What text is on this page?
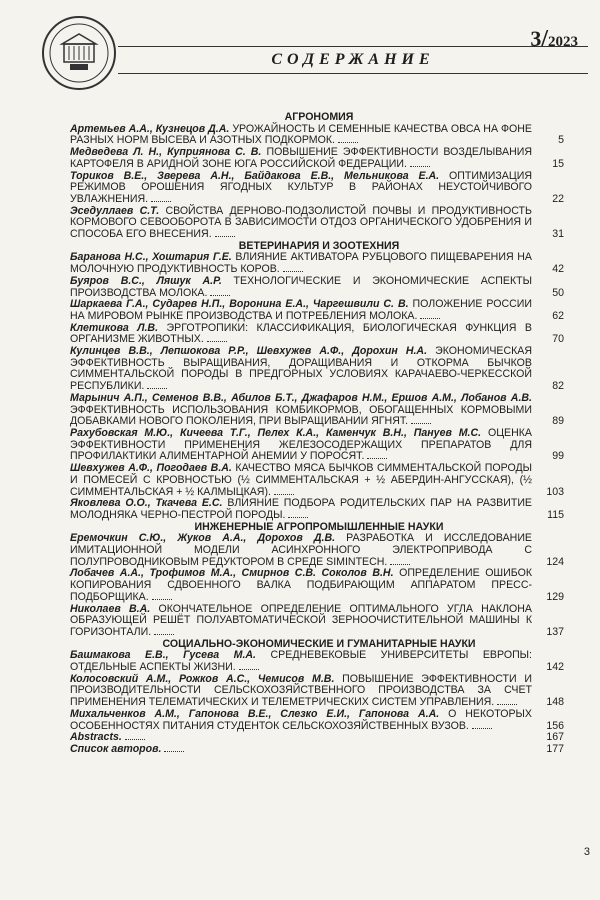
3/2023
СОДЕРЖАНИЕ
АГРОНОМИЯ
Артемьев А.А., Кузнецов Д.А. УРОЖАЙНОСТЬ И СЕМЕННЫЕ КАЧЕСТВА ОВСА НА ФОНЕ РАЗНЫХ НОРМ ВЫСЕВА И АЗОТНЫХ ПОДКОРМОК.	5
Медведева Л. Н., Куприянова С. В. ПОВЫШЕНИЕ ЭФФЕКТИВНОСТИ ВОЗДЕЛЫВАНИЯ КАРТОФЕЛЯ В АРИДНОЙ ЗОНЕ ЮГА РОССИЙСКОЙ ФЕДЕРАЦИИ.	15
Ториков В.Е., Зверева А.Н., Байдакова Е.В., Мельникова Е.А. ОПТИМИЗАЦИЯ РЕЖИМОВ ОРОШЕНИЯ ЯГОДНЫХ КУЛЬТУР В РАЙОНАХ НЕУСТОЙЧИВОГО УВЛАЖНЕНИЯ.	22
Эседуллаев С.Т. СВОЙСТВА ДЕРНОВО-ПОДЗОЛИСТОЙ ПОЧВЫ И ПРОДУКТИВНОСТЬ КОРМОВОГО СЕВООБОРОТА В ЗАВИСИМОСТИ ОТДОЗ ОРГАНИЧЕСКОГО УДОБРЕНИЯ И СПОСОБА ЕГО ВНЕСЕНИЯ.	31
ВЕТЕРИНАРИЯ И ЗООТЕХНИЯ
Баранова Н.С., Хоштария Г.Е. ВЛИЯНИЕ АКТИВАТОРА РУБЦОВОГО ПИЩЕВАРЕНИЯ НА МОЛОЧНУЮ ПРОДУКТИВНОСТЬ КОРОВ.	42
Буяров В.С., Ляшук А.Р. ТЕХНОЛОГИЧЕСКИЕ И ЭКОНОМИЧЕСКИЕ АСПЕКТЫ ПРОИЗВОДСТВА МОЛОКА.	50
Шаркаева Г.А., Сударев Н.П., Воронина Е.А., Чаргешвили С. В. ПОЛОЖЕНИЕ РОССИИ НА МИРОВОМ РЫНКЕ ПРОИЗВОДСТВА И ПОТРЕБЛЕНИЯ МОЛОКА.	62
Клетикова Л.В. ЭРГОТРОПИКИ: КЛАССИФИКАЦИЯ, БИОЛОГИЧЕСКАЯ ФУНКЦИЯ В ОРГАНИЗМЕ ЖИВОТНЫХ.	70
Кулинцев В.В., Лепшокова Р.Р., Шевхужев А.Ф., Дорохин Н.А. ЭКОНОМИЧЕСКАЯ ЭФФЕКТИВНОСТЬ ВЫРАЩИВАНИЯ, ДОРАЩИВАНИЯ И ОТКОРМА БЫЧКОВ СИММЕНТАЛЬСКОЙ ПОРОДЫ В ПРЕДГОРНЫХ УСЛОВИЯХ КАРАЧАЕВО-ЧЕРКЕССКОЙ РЕСПУБЛИКИ.	82
Марынич А.П., Семенов В.В., Абилов Б.Т., Джафаров Н.М., Ершов А.М., Лобанов А.В. ЭФФЕКТИВНОСТЬ ИСПОЛЬЗОВАНИЯ КОМБИКОРМОВ, ОБОГАЩЕННЫХ КОРМОВЫМИ ДОБАВКАМИ НОВОГО ПОКОЛЕНИЯ, ПРИ ВЫРАЩИВАНИИ ЯГНЯТ.	89
Рахубовская М.Ю., Кичеева Т.Г., Пелех К.А., Каменчук В.Н., Пануев М.С. ОЦЕНКА ЭФФЕКТИВНОСТИ ПРИМЕНЕНИЯ ЖЕЛЕЗОСОДЕРЖАЩИХ ПРЕПАРАТОВ ДЛЯ ПРОФИЛАКТИКИ АЛИМЕНТАРНОЙ АНЕМИИ У ПОРОСЯТ.	99
Шевхужев А.Ф., Погодаев В.А. КАЧЕСТВО МЯСА БЫЧКОВ СИММЕНТАЛЬСКОЙ ПОРОДЫ И ПОМЕСЕЙ С КРОВНОСТЬЮ (½ СИММЕНТАЛЬСКАЯ + ½ АБЕРДИН-АНГУССКАЯ), (½ СИММЕНТАЛЬСКАЯ + ½ КАЛМЫЦКАЯ).	103
Яковлева О.О., Ткачева Е.С. ВЛИЯНИЕ ПОДБОРА РОДИТЕЛЬСКИХ ПАР НА РАЗВИТИЕ МОЛОДНЯКА ЧЕРНО-ПЕСТРОЙ ПОРОДЫ.	115
ИНЖЕНЕРНЫЕ АГРОПРОМЫШЛЕННЫЕ НАУКИ
Еремочкин С.Ю., Жуков А.А., Дорохов Д.В. РАЗРАБОТКА И ИССЛЕДОВАНИЕ ИМИТАЦИОННОЙ МОДЕЛИ АСИНХРОННОГО ЭЛЕКТРОПРИВОДА С ПОЛУПРОВОДНИКОВЫМ РЕДУКТОРОМ В СРЕДЕ SIMINTECH.	124
Лобачев А.А., Трофимов М.А., Смирнов С.В. Соколов В.Н. ОПРЕДЕЛЕНИЕ ОШИБОК КОПИРОВАНИЯ СДВОЕННОГО ВАЛКА ПОДБИРАЮЩИМ АППАРАТОМ ПРЕСС-ПОДБОРЩИКА.	129
Николаев В.А. ОКОНЧАТЕЛЬНОЕ ОПРЕДЕЛЕНИЕ ОПТИМАЛЬНОГО УГЛА НАКЛОНА ОБРАЗУЮЩЕЙ РЕШЁТ ПОЛУАВТОМАТИЧЕСКОЙ ЗЕРНООЧИСТИТЕЛЬНОЙ МАШИНЫ К ГОРИЗОНТАЛИ.	137
СОЦИАЛЬНО-ЭКОНОМИЧЕСКИЕ И ГУМАНИТАРНЫЕ НАУКИ
Башмакова Е.В., Гусева М.А. СРЕДНЕВЕКОВЫЕ УНИВЕРСИТЕТЫ ЕВРОПЫ: ОТДЕЛЬНЫЕ АСПЕКТЫ ЖИЗНИ.	142
Колосовский А.М., Рожков А.С., Чемисов М.В. ПОВЫШЕНИЕ ЭФФЕКТИВНОСТИ И ПРОИЗВОДИТЕЛЬНОСТИ СЕЛЬСКОХОЗЯЙСТВЕННОГО ПРОИЗВОДСТВА ЗА СЧЕТ ПРИМЕНЕНИЯ ТЕЛЕМАТИЧЕСКИХ И ТЕЛЕМЕТРИЧЕСКИХ СИСТЕМ УПРАВЛЕНИЯ.	148
Михальченков А.М., Гапонова В.Е., Слезко Е.И., Гапонова А.А. О НЕКОТОРЫХ ОСОБЕННОСТЯХ ПИТАНИЯ СТУДЕНТОК СЕЛЬСКОХОЗЯЙСТВЕННЫХ ВУЗОВ.	156
Abstracts.	167
Список авторов.	177
3
